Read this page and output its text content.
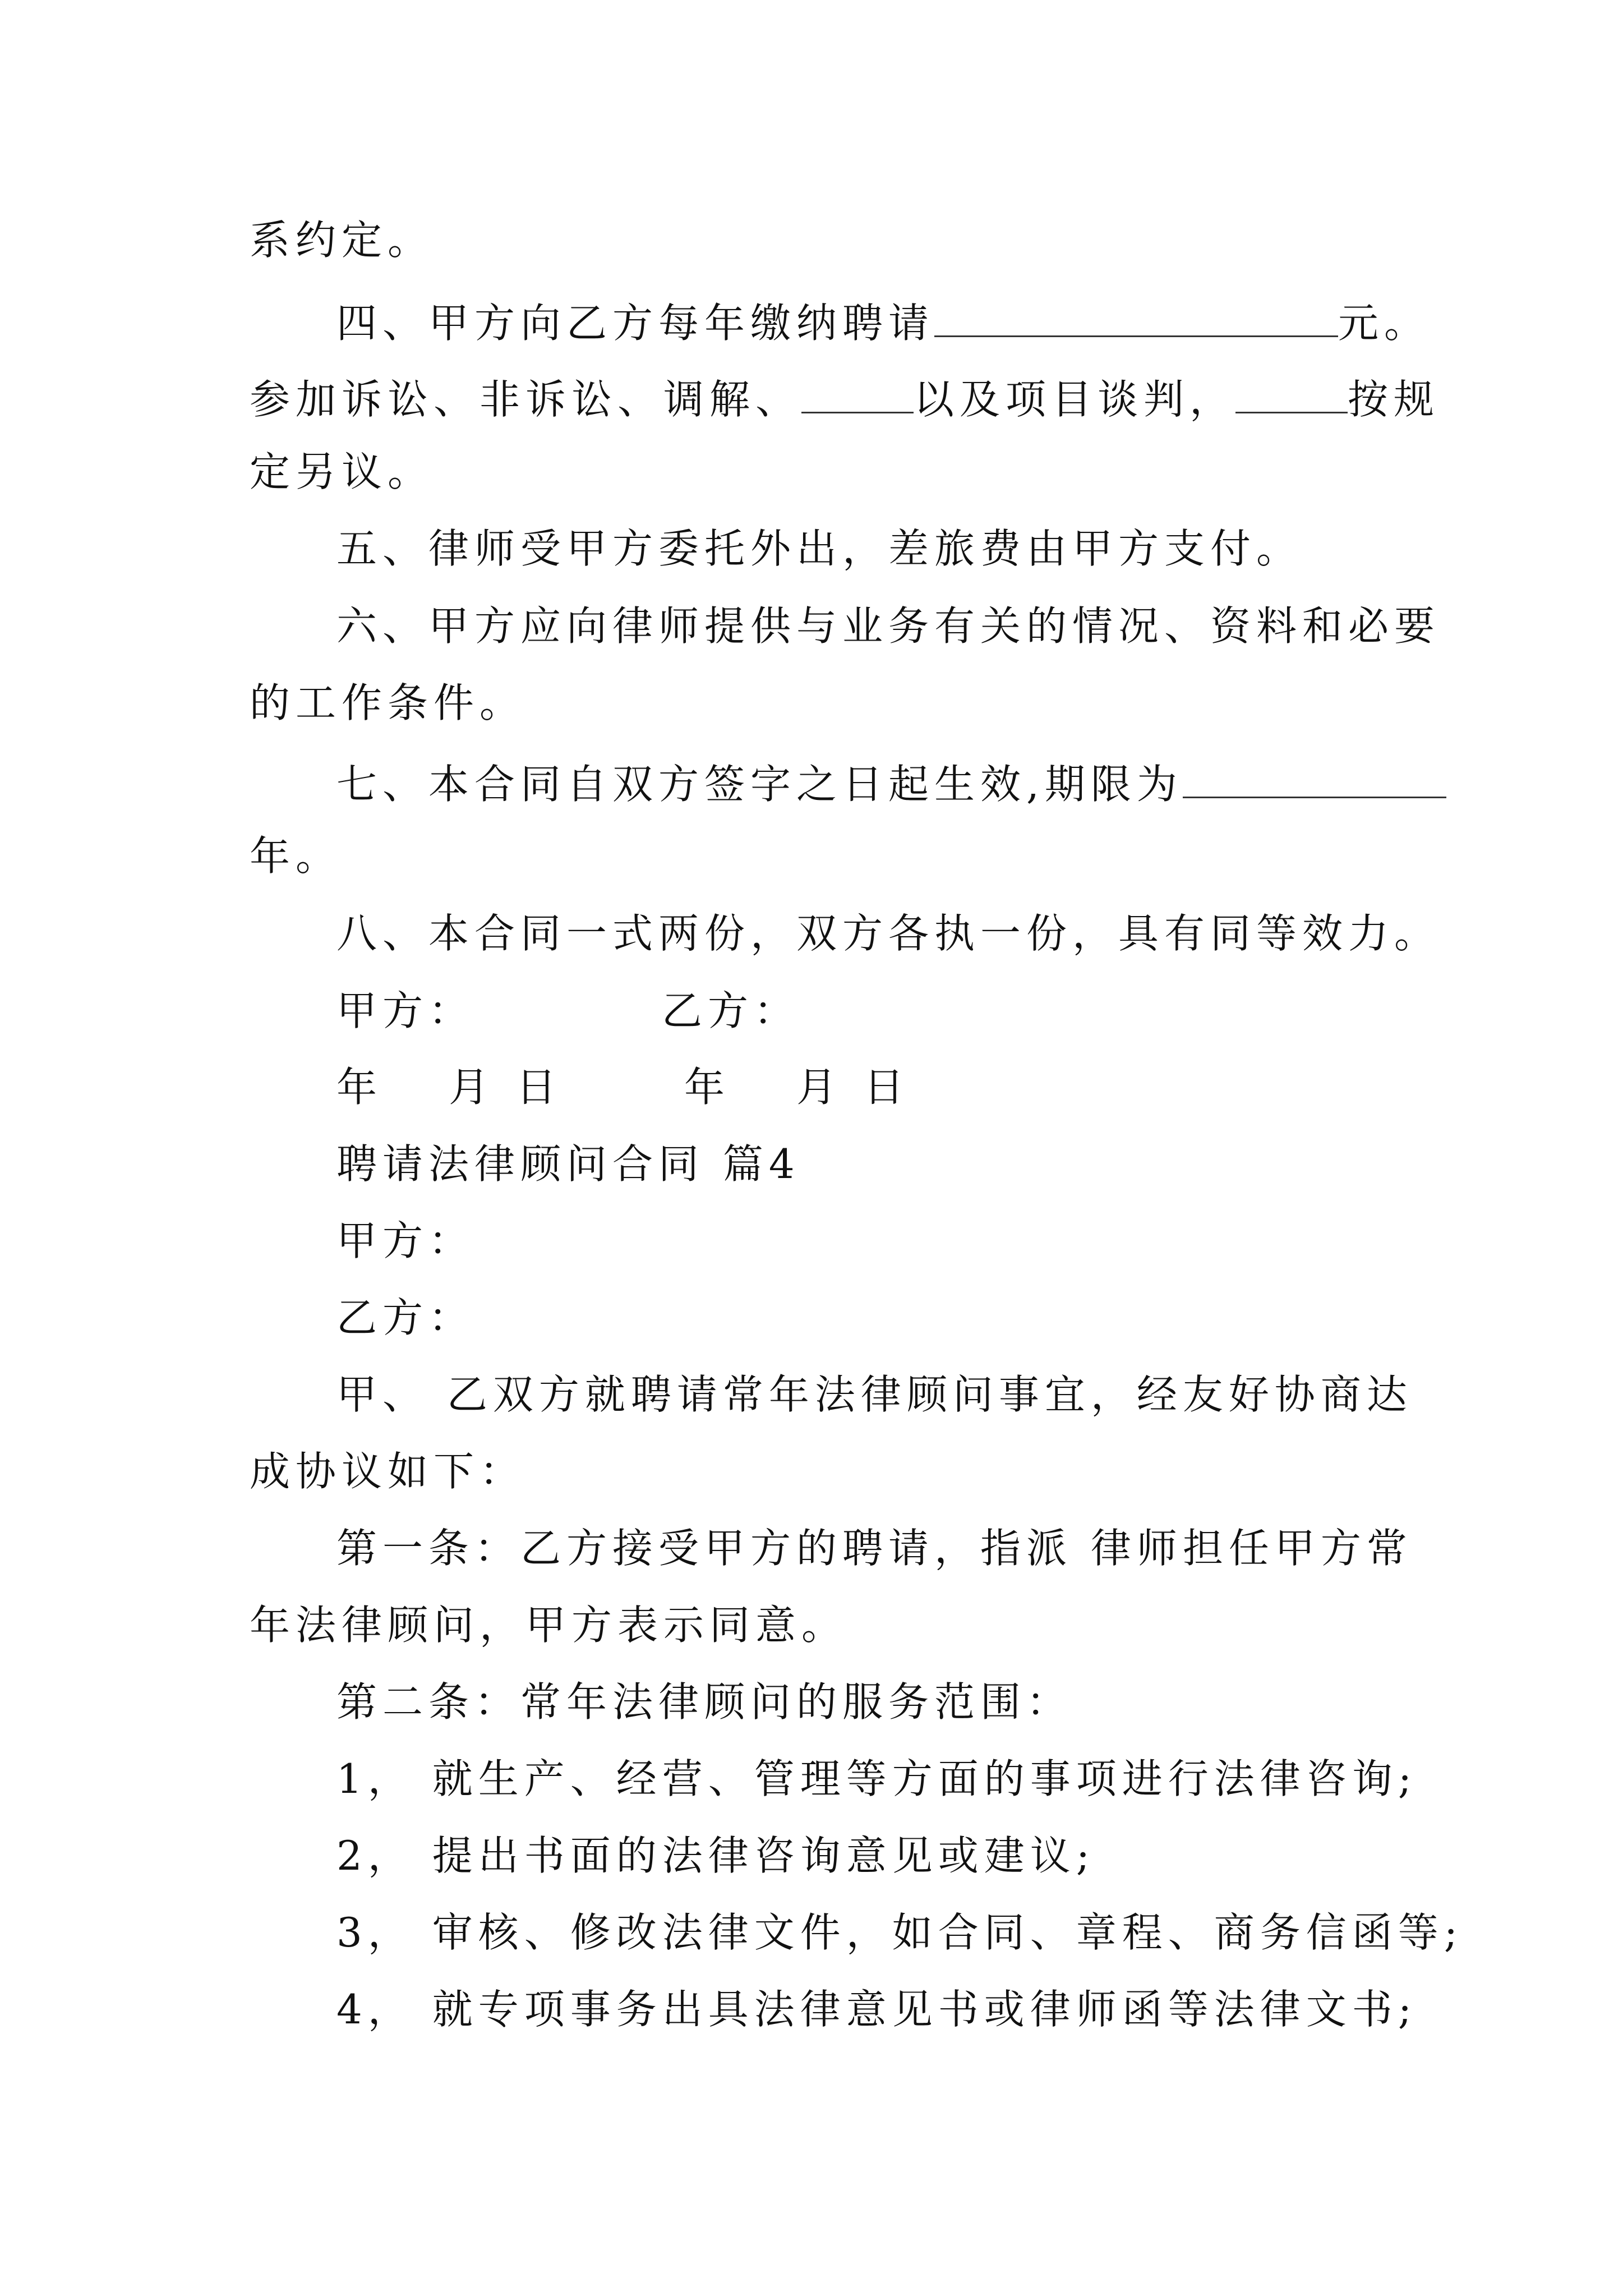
系约定。
四、甲方向乙方每年缴纳聘请	元。
参加诉讼、非诉讼、调解、	以及项目谈判，	按规
定另议。
五、律师受甲方委托外出，差旅费由甲方支付。
六、甲方应向律师提供与业务有关的情况、资料和必要
的工作条件。
七、本合同自双方签字之日起生效,期限为
年。
八、本合同一式两份，双方各执一份，具有同等效力。
甲方：	乙方：
年 月 日	年 月 日
聘请法律顾问合同 篇4
甲方：
乙方：
甲、 乙双方就聘请常年法律顾问事宜，经友好协商达
成协议如下：
第一条：乙方接受甲方的聘请，指派 律师担任甲方常
年法律顾问，甲方表示同意。
第二条：常年法律顾问的服务范围：
1， 就生产、经营、管理等方面的事项进行法律咨询;
2， 提出书面的法律咨询意见或建议;
3， 审核、修改法律文件，如合同、章程、商务信函等;
4， 就专项事务出具法律意见书或律师函等法律文书;
